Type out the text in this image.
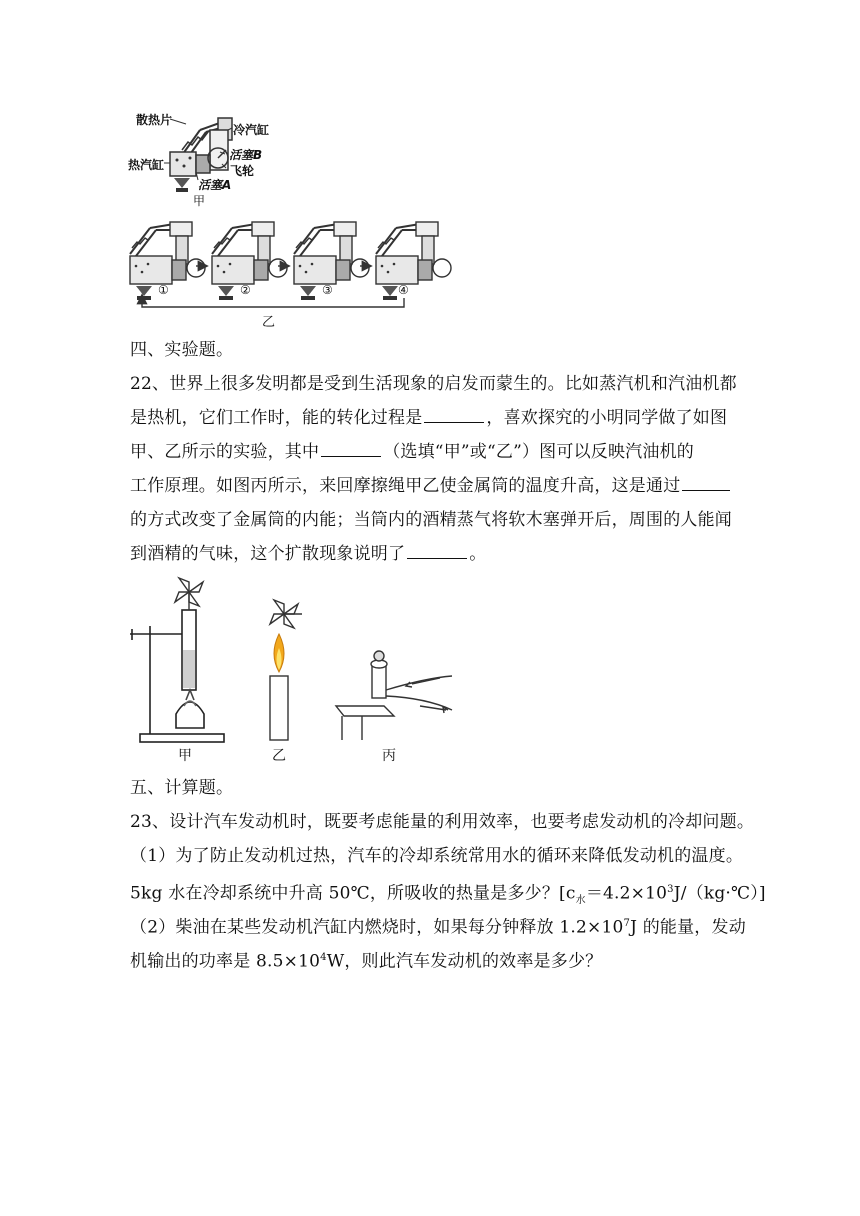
散热片
冷汽缸
活塞B
飞轮
热汽缸
活塞A
甲
①	②	③	④
乙
四、实验题。
22、世界上很多发明都是受到生活现象的启发而蒙生的。比如蒸汽机和汽油机都
是热机，它们工作时，能的转化过程是	，喜欢探究的小明同学做了如图
甲、乙所示的实验，其中	（选填“甲”或“乙”）图可以反映汽油机的
工作原理。如图丙所示，来回摩擦绳甲乙使金属筒的温度升高，这是通过
的方式改变了金属筒的内能；当筒内的酒精蒸气将软木塞弹开后，周围的人能闻
到酒精的气味，这个扩散现象说明了	。
甲	乙	丙
五、计算题。
23、设计汽车发动机时，既要考虑能量的利用效率，也要考虑发动机的冷却问题。
（1）为了防止发动机过热，汽车的冷却系统常用水的循环来降低发动机的温度。
5kg 水在冷却系统中升高 50℃，所吸收的热量是多少？$[c_水=4.2\times 10^3J/(kg\cdot℃)]$
（2）柴油在某些发动机汽缸内燃烧时，如果每分钟释放 $1.2\times 10^7J$ 的能量，发动
机输出的功率是 $8.5\times 10^4W$，则此汽车发动机的效率是多少？
